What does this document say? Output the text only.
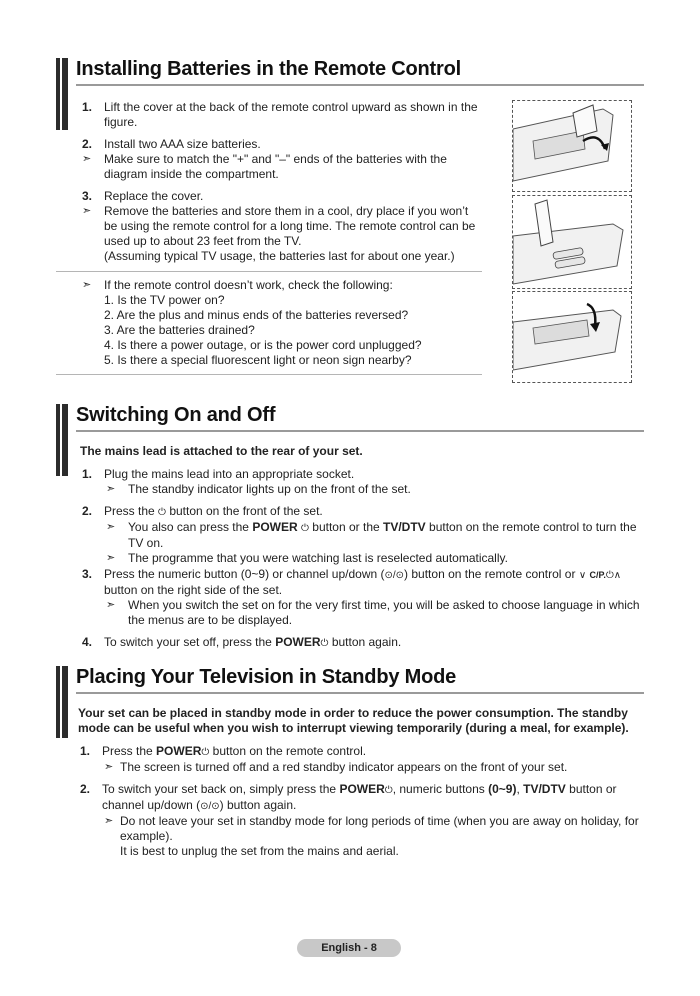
Installing Batteries in the Remote Control
1. Lift the cover at the back of the remote control upward as shown in the figure.
2. Install two AAA size batteries.
➣ Make sure to match the "+" and "–" ends of the batteries with the diagram inside the compartment.
3. Replace the cover.
➣ Remove the batteries and store them in a cool, dry place if you won’t be using the remote control for a long time. The remote control can be used up to about 23 feet from the TV.
(Assuming typical TV usage, the batteries last for about one year.)
➣ If the remote control doesn’t work, check the following:
1. Is the TV power on?
2. Are the plus and minus ends of the batteries reversed?
3. Are the batteries drained?
4. Is there a power outage, or is the power cord unplugged?
5. Is there a special fluorescent light or neon sign nearby?
Switching On and Off
The mains lead is attached to the rear of your set.
1. Plug the mains lead into an appropriate socket.
➣ The standby indicator lights up on the front of the set.
2. Press the ⏻ button on the front of the set.
➣ You also can press the POWER ⏻ button or the TV/DTV button on the remote control to turn the TV on.
➣ The programme that you were watching last is reselected automatically.
3. Press the numeric button (0~9) or channel up/down (⊙/⊙) button on the remote control or ∨ C/P.⏻∧ button on the right side of the set.
➣ When you switch the set on for the very first time, you will be asked to choose language in which the menus are to be displayed.
4. To switch your set off, press the POWER⏻ button again.
Placing Your Television in Standby Mode
Your set can be placed in standby mode in order to reduce the power consumption. The standby mode can be useful when you wish to interrupt viewing temporarily (during a meal, for example).
1. Press the POWER⏻ button on the remote control.
➣ The screen is turned off and a red standby indicator appears on the front of your set.
2. To switch your set back on, simply press the POWER⏻, numeric buttons (0~9), TV/DTV button or channel up/down (⊙/⊙) button again.
➣ Do not leave your set in standby mode for long periods of time (when you are away on holiday, for example).
It is best to unplug the set from the mains and aerial.
English - 8
